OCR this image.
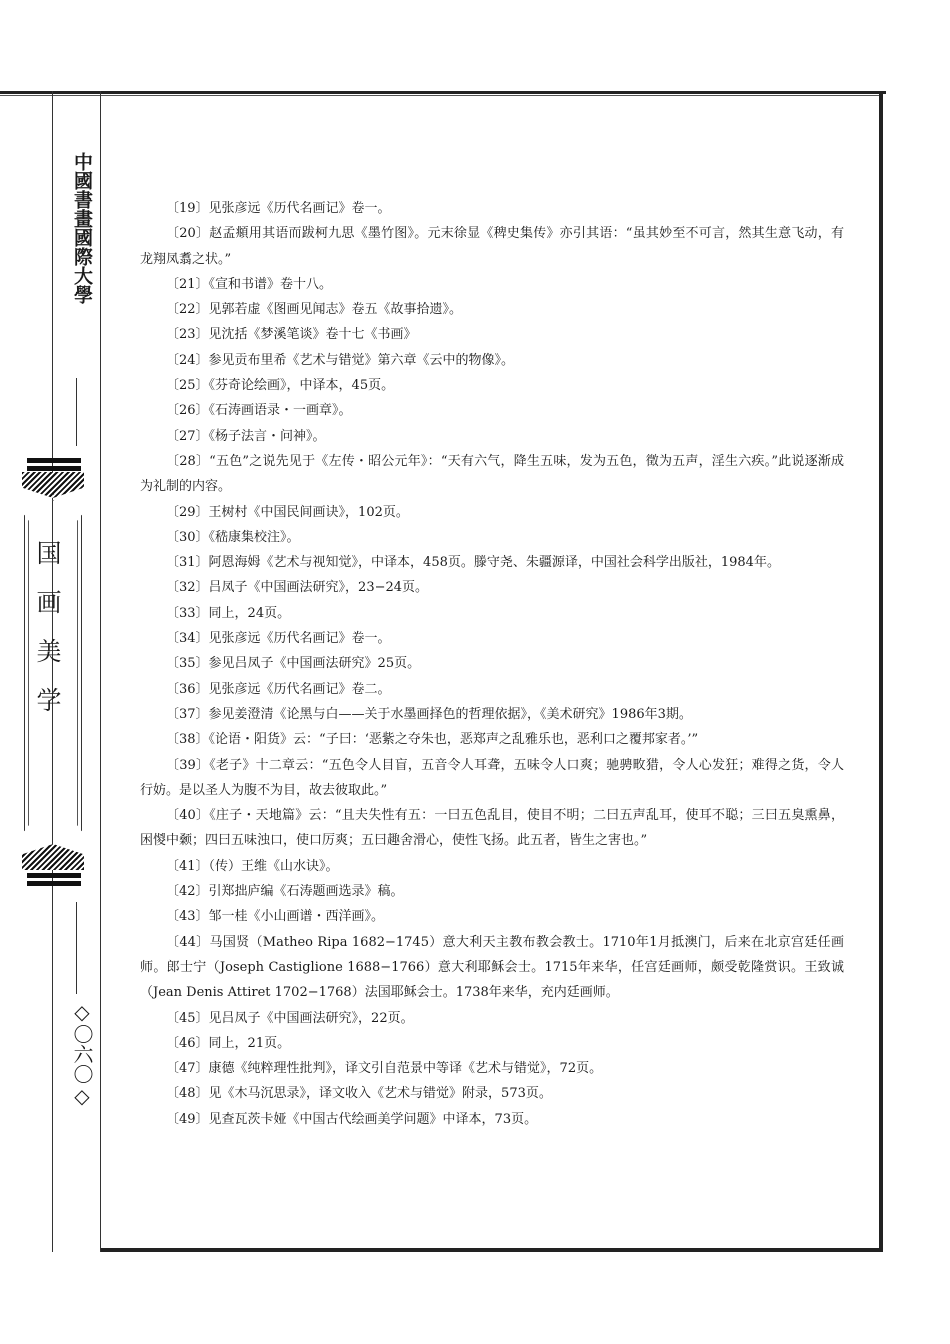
中國書畫國際大學
国画美学
◇〇六〇◇

〔19〕见张彦远《历代名画记》卷一。

〔20〕赵孟頫用其语而跋柯九思《墨竹图》。元末徐显《稗史集传》亦引其语：“虽其妙至不可言，然其生意飞动，有龙翔凤翥之状。”

〔21〕《宣和书谱》卷十八。

〔22〕见郭若虚《图画见闻志》卷五《故事拾遗》。

〔23〕见沈括《梦溪笔谈》卷十七《书画》

〔24〕参见贡布里希《艺术与错觉》第六章《云中的物像》。

〔25〕《芬奇论绘画》，中译本，45页。

〔26〕《石涛画语录・一画章》。

〔27〕《杨子法言・问神》。

〔28〕“五色”之说先见于《左传・昭公元年》：“天有六气，降生五味，发为五色，徵为五声，淫生六疾。”此说逐渐成为礼制的内容。

〔29〕王树村《中国民间画诀》，102页。

〔30〕《嵇康集校注》。

〔31〕阿恩海姆《艺术与视知觉》，中译本，458页。滕守尧、朱疆源译，中国社会科学出版社，1984年。

〔32〕吕凤子《中国画法研究》，23−24页。

〔33〕同上，24页。

〔34〕见张彦远《历代名画记》卷一。

〔35〕参见吕凤子《中国画法研究》25页。

〔36〕见张彦远《历代名画记》卷二。

〔37〕参见姜澄清《论黑与白——关于水墨画择色的哲理依据》，《美术研究》1986年3期。

〔38〕《论语・阳货》云：“子曰：‘恶紫之夺朱也，恶郑声之乱雅乐也，恶利口之覆邦家者。’”

〔39〕《老子》十二章云：“五色令人目盲，五音令人耳聋，五味令人口爽；驰骋畋猎，令人心发狂；难得之货，令人行妨。是以圣人为腹不为目，故去彼取此。”

〔40〕《庄子・天地篇》云：“且夫失性有五：一曰五色乱目，使目不明；二曰五声乱耳，使耳不聪；三曰五臭熏鼻，困惾中颡；四曰五味浊口，使口厉爽；五曰趣舍滑心，使性飞扬。此五者，皆生之害也。”

〔41〕（传）王维《山水诀》。

〔42〕引郑拙庐编《石涛题画选录》稿。

〔43〕邹一桂《小山画谱・西洋画》。

〔44〕马国贤（Matheo Ripa 1682−1745）意大利天主教布教会教士。1710年1月抵澳门，后来在北京宫廷任画师。郎士宁（Joseph Castiglione 1688−1766）意大利耶稣会士。1715年来华，任宫廷画师，颇受乾隆赏识。王致诚（Jean Denis Attiret 1702−1768）法国耶稣会士。1738年来华，充内廷画师。

〔45〕见吕凤子《中国画法研究》，22页。

〔46〕同上，21页。

〔47〕康德《纯粹理性批判》，译文引自范景中等译《艺术与错觉》，72页。

〔48〕见《木马沉思录》，译文收入《艺术与错觉》附录，573页。

〔49〕见查瓦茨卡娅《中国古代绘画美学问题》中译本，73页。
